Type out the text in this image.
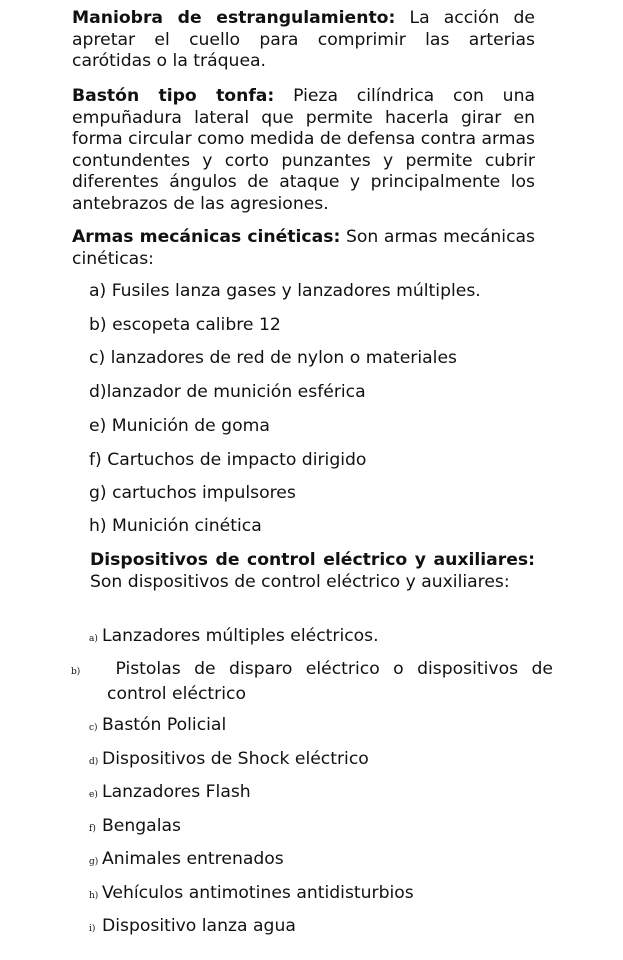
Maniobra de estrangulamiento: La acción de apretar el cuello para comprimir las arterias carótidas o la tráquea.

Bastón tipo tonfa: Pieza cilíndrica con una empuñadura lateral que permite hacerla girar en forma circular como medida de defensa contra armas contundentes y corto punzantes y permite cubrir diferentes ángulos de ataque y principalmente los antebrazos de las agresiones.

Armas mecánicas cinéticas: Son armas mecánicas cinéticas:

a) Fusiles lanza gases y lanzadores múltiples.
b) escopeta calibre 12
c) lanzadores de red de nylon o materiales
d)lanzador de munición esférica
e) Munición de goma
f) Cartuchos de impacto dirigido
g) cartuchos impulsores
h) Munición cinética

Dispositivos de control eléctrico y auxiliares: Son dispositivos de control eléctrico y auxiliares:

a) Lanzadores múltiples eléctricos.
b) Pistolas de disparo eléctrico o dispositivos de control eléctrico
c) Bastón Policial
d) Dispositivos de Shock eléctrico
e) Lanzadores Flash
f) Bengalas
g) Animales entrenados
h) Vehículos antimotines antidisturbios
i) Dispositivo lanza agua
